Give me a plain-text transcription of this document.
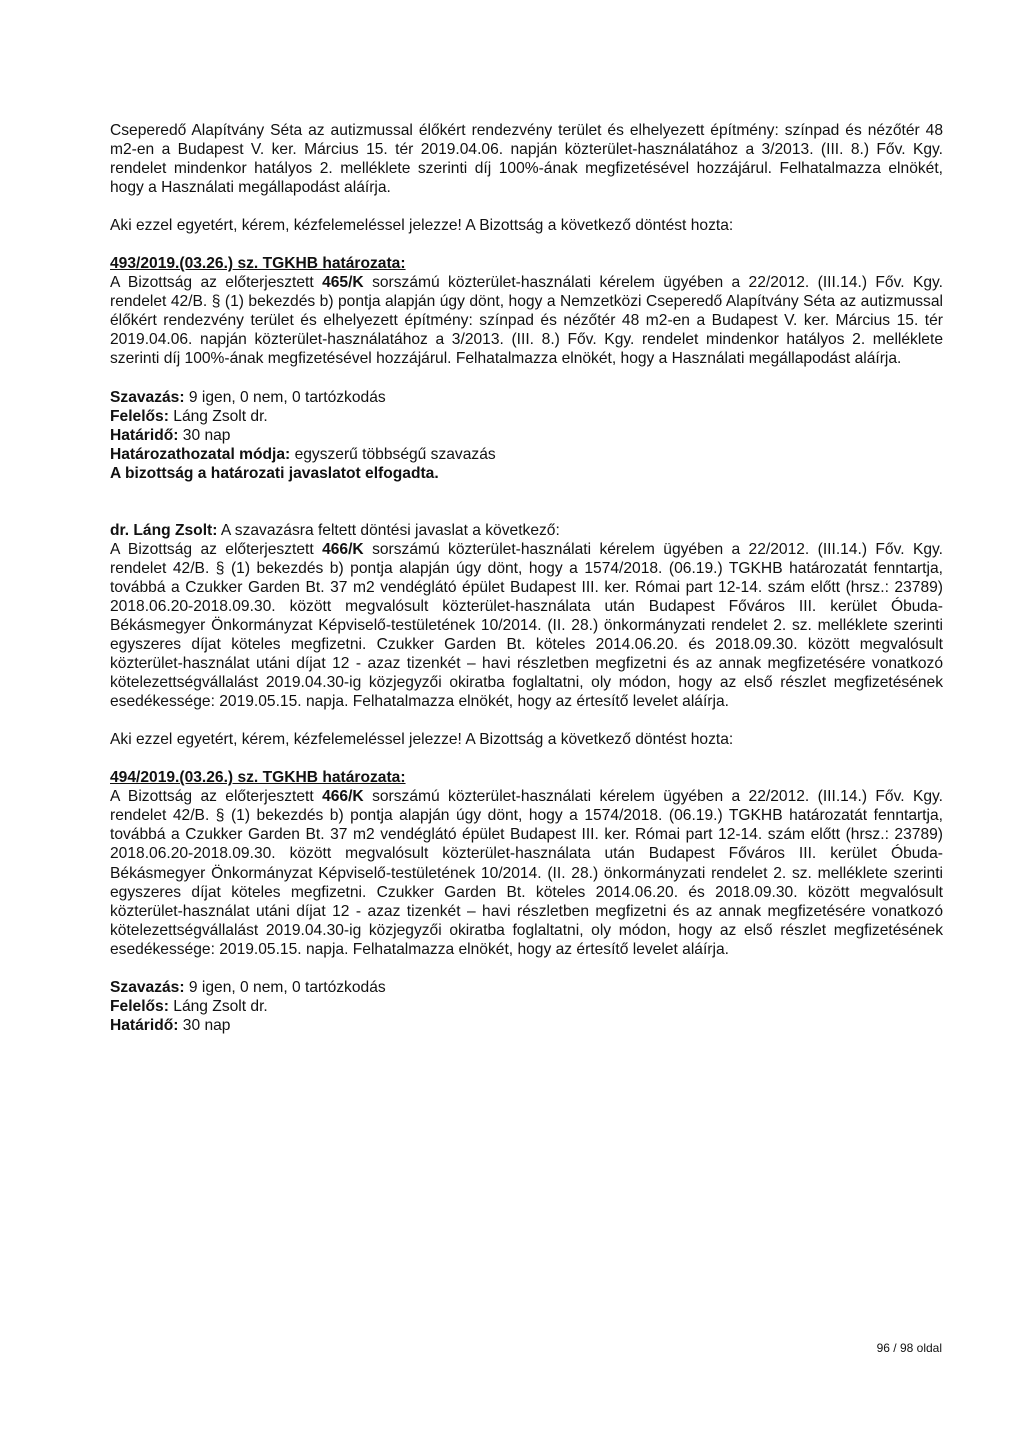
Cseperedő Alapítvány Séta az autizmussal élőkért rendezvény terület és elhelyezett építmény: színpad és nézőtér 48 m2-en a Budapest V. ker. Március 15. tér 2019.04.06. napján közterület-használatához a 3/2013. (III. 8.) Főv. Kgy. rendelet mindenkor hatályos 2. melléklete szerinti díj 100%-ának megfizetésével hozzájárul. Felhatalmazza elnökét, hogy a Használati megállapodást aláírja.

Aki ezzel egyetért, kérem, kézfelemeléssel jelezze! A Bizottság a következő döntést hozta:

493/2019.(03.26.) sz. TGKHB határozata:

A Bizottság az előterjesztett 465/K sorszámú közterület-használati kérelem ügyében a 22/2012. (III.14.) Főv. Kgy. rendelet 42/B. § (1) bekezdés b) pontja alapján úgy dönt, hogy a Nemzetközi Cseperedő Alapítvány Séta az autizmussal élőkért rendezvény terület és elhelyezett építmény: színpad és nézőtér 48 m2-en a Budapest V. ker. Március 15. tér 2019.04.06. napján közterület-használatához a 3/2013. (III. 8.) Főv. Kgy. rendelet mindenkor hatályos 2. melléklete szerinti díj 100%-ának megfizetésével hozzájárul. Felhatalmazza elnökét, hogy a Használati megállapodást aláírja.

Szavazás: 9 igen, 0 nem, 0 tartózkodás

Felelős: Láng Zsolt dr.

Határidő: 30 nap

Határozathozatal módja: egyszerű többségű szavazás

A bizottság a határozati javaslatot elfogadta.

dr. Láng Zsolt: A szavazásra feltett döntési javaslat a következő:

A Bizottság az előterjesztett 466/K sorszámú közterület-használati kérelem ügyében a 22/2012. (III.14.) Főv. Kgy. rendelet 42/B. § (1) bekezdés b) pontja alapján úgy dönt, hogy a 1574/2018. (06.19.) TGKHB határozatát fenntartja, továbbá a Czukker Garden Bt. 37 m2 vendéglátó épület Budapest III. ker. Római part 12-14. szám előtt (hrsz.: 23789) 2018.06.20-2018.09.30. között megvalósult közterület-használata után Budapest Főváros III. kerület Óbuda-Békásmegyer Önkormányzat Képviselő-testületének 10/2014. (II. 28.) önkormányzati rendelet 2. sz. melléklete szerinti egyszeres díjat köteles megfizetni. Czukker Garden Bt. köteles 2014.06.20. és 2018.09.30. között megvalósult közterület-használat utáni díjat 12 - azaz tizenkét – havi részletben megfizetni és az annak megfizetésére vonatkozó kötelezettségvállalást 2019.04.30-ig közjegyzői okiratba foglaltatni, oly módon, hogy az első részlet megfizetésének esedékessége: 2019.05.15. napja. Felhatalmazza elnökét, hogy az értesítő levelet aláírja.

Aki ezzel egyetért, kérem, kézfelemeléssel jelezze! A Bizottság a következő döntést hozta:

494/2019.(03.26.) sz. TGKHB határozata:

A Bizottság az előterjesztett 466/K sorszámú közterület-használati kérelem ügyében a 22/2012. (III.14.) Főv. Kgy. rendelet 42/B. § (1) bekezdés b) pontja alapján úgy dönt, hogy a 1574/2018. (06.19.) TGKHB határozatát fenntartja, továbbá a Czukker Garden Bt. 37 m2 vendéglátó épület Budapest III. ker. Római part 12-14. szám előtt (hrsz.: 23789) 2018.06.20-2018.09.30. között megvalósult közterület-használata után Budapest Főváros III. kerület Óbuda-Békásmegyer Önkormányzat Képviselő-testületének 10/2014. (II. 28.) önkormányzati rendelet 2. sz. melléklete szerinti egyszeres díjat köteles megfizetni. Czukker Garden Bt. köteles 2014.06.20. és 2018.09.30. között megvalósult közterület-használat utáni díjat 12 - azaz tizenkét – havi részletben megfizetni és az annak megfizetésére vonatkozó kötelezettségvállalást 2019.04.30-ig közjegyzői okiratba foglaltatni, oly módon, hogy az első részlet megfizetésének esedékessége: 2019.05.15. napja. Felhatalmazza elnökét, hogy az értesítő levelet aláírja.

Szavazás: 9 igen, 0 nem, 0 tartózkodás

Felelős: Láng Zsolt dr.

Határidő: 30 nap

96 / 98 oldal
